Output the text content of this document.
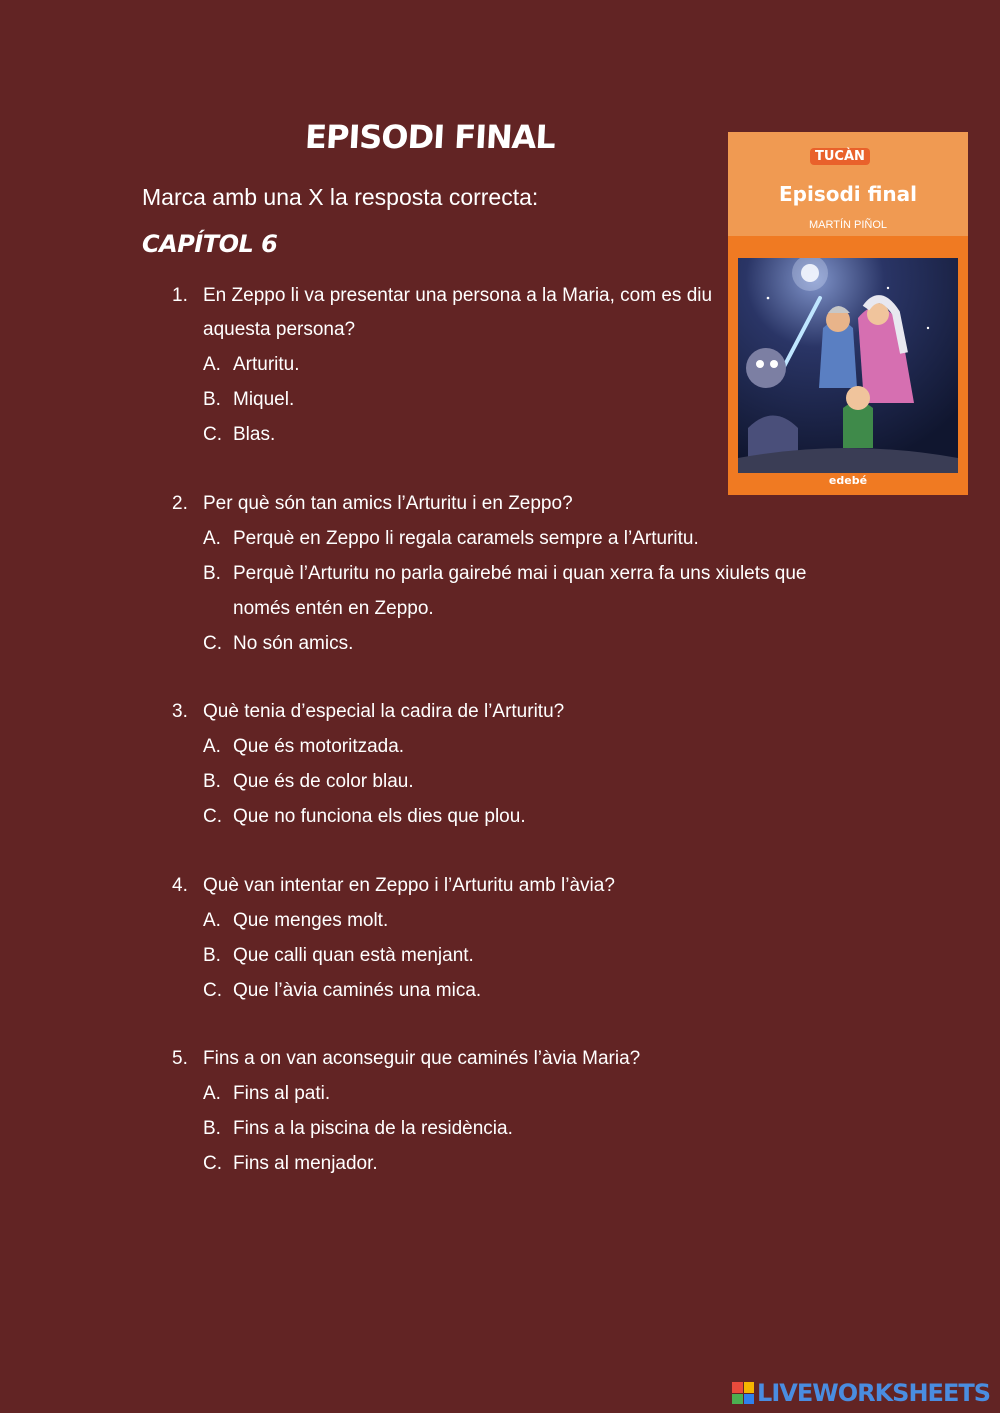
EPISODI FINAL
Marca amb una X la resposta correcta:
CAPÍTOL 6
1. En Zeppo li va presentar una persona a la Maria, com es diu aquesta persona?
A. Arturitu.
B. Miquel.
C. Blas.
2. Per què són tan amics l’Arturitu i en Zeppo?
A. Perquè en Zeppo li regala caramels sempre a l’Arturitu.
B. Perquè l’Arturitu no parla gairebé mai i quan xerra fa uns xiulets que només entén en Zeppo.
C. No són amics.
3. Què tenia d’especial la cadira de l’Arturitu?
A. Que és motoritzada.
B. Que és de color blau.
C. Que no funciona els dies que plou.
4. Què van intentar en Zeppo i l’Arturitu amb l’àvia?
A. Que menges molt.
B. Que calli quan està menjant.
C. Que l’àvia caminés una mica.
5. Fins a on van aconseguir que caminés l’àvia Maria?
A. Fins al pati.
B. Fins a la piscina de la residència.
C. Fins al menjador.
TUCÀN
Episodi final
MARTÍN PIÑOL
edebé
LIVEWORKSHEETS
